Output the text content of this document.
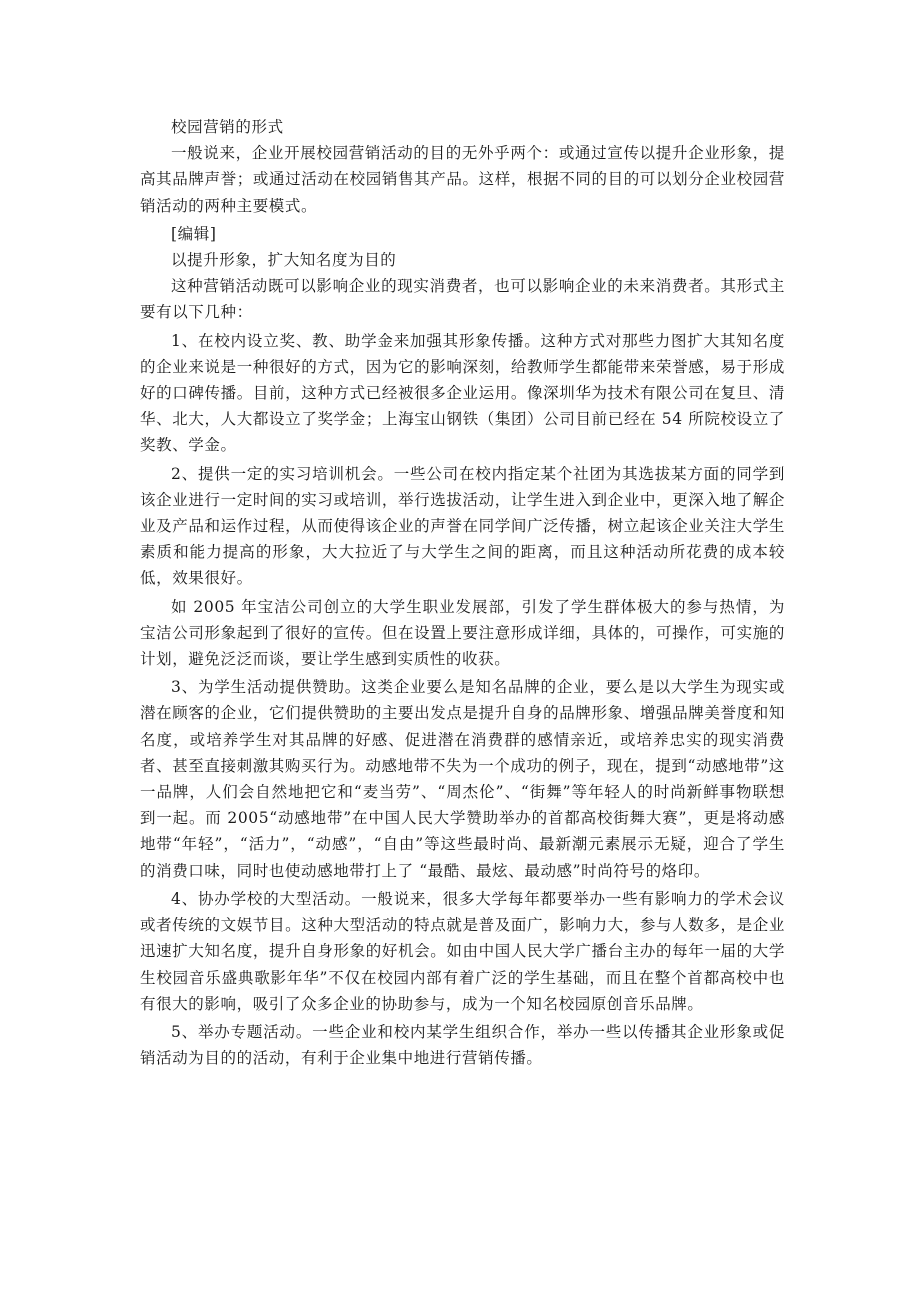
校园营销的形式

一般说来，企业开展校园营销活动的目的无外乎两个：或通过宣传以提升企业形象，提高其品牌声誉；或通过活动在校园销售其产品。这样，根据不同的目的可以划分企业校园营销活动的两种主要模式。

[编辑]

以提升形象，扩大知名度为目的

这种营销活动既可以影响企业的现实消费者，也可以影响企业的未来消费者。其形式主要有以下几种：

1、在校内设立奖、教、助学金来加强其形象传播。这种方式对那些力图扩大其知名度的企业来说是一种很好的方式，因为它的影响深刻，给教师学生都能带来荣誉感，易于形成好的口碑传播。目前，这种方式已经被很多企业运用。像深圳华为技术有限公司在复旦、清华、北大，人大都设立了奖学金；上海宝山钢铁（集团）公司目前已经在 54 所院校设立了奖教、学金。

2、提供一定的实习培训机会。一些公司在校内指定某个社团为其选拔某方面的同学到该企业进行一定时间的实习或培训，举行选拔活动，让学生进入到企业中，更深入地了解企业及产品和运作过程，从而使得该企业的声誉在同学间广泛传播，树立起该企业关注大学生素质和能力提高的形象，大大拉近了与大学生之间的距离，而且这种活动所花费的成本较低，效果很好。

如 2005 年宝洁公司创立的大学生职业发展部，引发了学生群体极大的参与热情，为宝洁公司形象起到了很好的宣传。但在设置上要注意形成详细，具体的，可操作，可实施的计划，避免泛泛而谈，要让学生感到实质性的收获。

3、为学生活动提供赞助。这类企业要么是知名品牌的企业，要么是以大学生为现实或潜在顾客的企业，它们提供赞助的主要出发点是提升自身的品牌形象、增强品牌美誉度和知名度，或培养学生对其品牌的好感、促进潜在消费群的感情亲近，或培养忠实的现实消费者、甚至直接刺激其购买行为。动感地带不失为一个成功的例子，现在，提到“动感地带”这一品牌，人们会自然地把它和“麦当劳”、“周杰伦”、“街舞”等年轻人的时尚新鲜事物联想到一起。而 2005“动感地带”在中国人民大学赞助举办的首都高校街舞大赛”，更是将动感地带“年轻”，“活力”，“动感”，“自由”等这些最时尚、最新潮元素展示无疑，迎合了学生的消费口味，同时也使动感地带打上了 “最酷、最炫、最动感”时尚符号的烙印。

4、协办学校的大型活动。一般说来，很多大学每年都要举办一些有影响力的学术会议或者传统的文娱节目。这种大型活动的特点就是普及面广，影响力大，参与人数多，是企业迅速扩大知名度，提升自身形象的好机会。如由中国人民大学广播台主办的每年一届的大学生校园音乐盛典歌影年华”不仅在校园内部有着广泛的学生基础，而且在整个首都高校中也有很大的影响，吸引了众多企业的协助参与，成为一个知名校园原创音乐品牌。

5、举办专题活动。一些企业和校内某学生组织合作，举办一些以传播其企业形象或促销活动为目的的活动，有利于企业集中地进行营销传播。
